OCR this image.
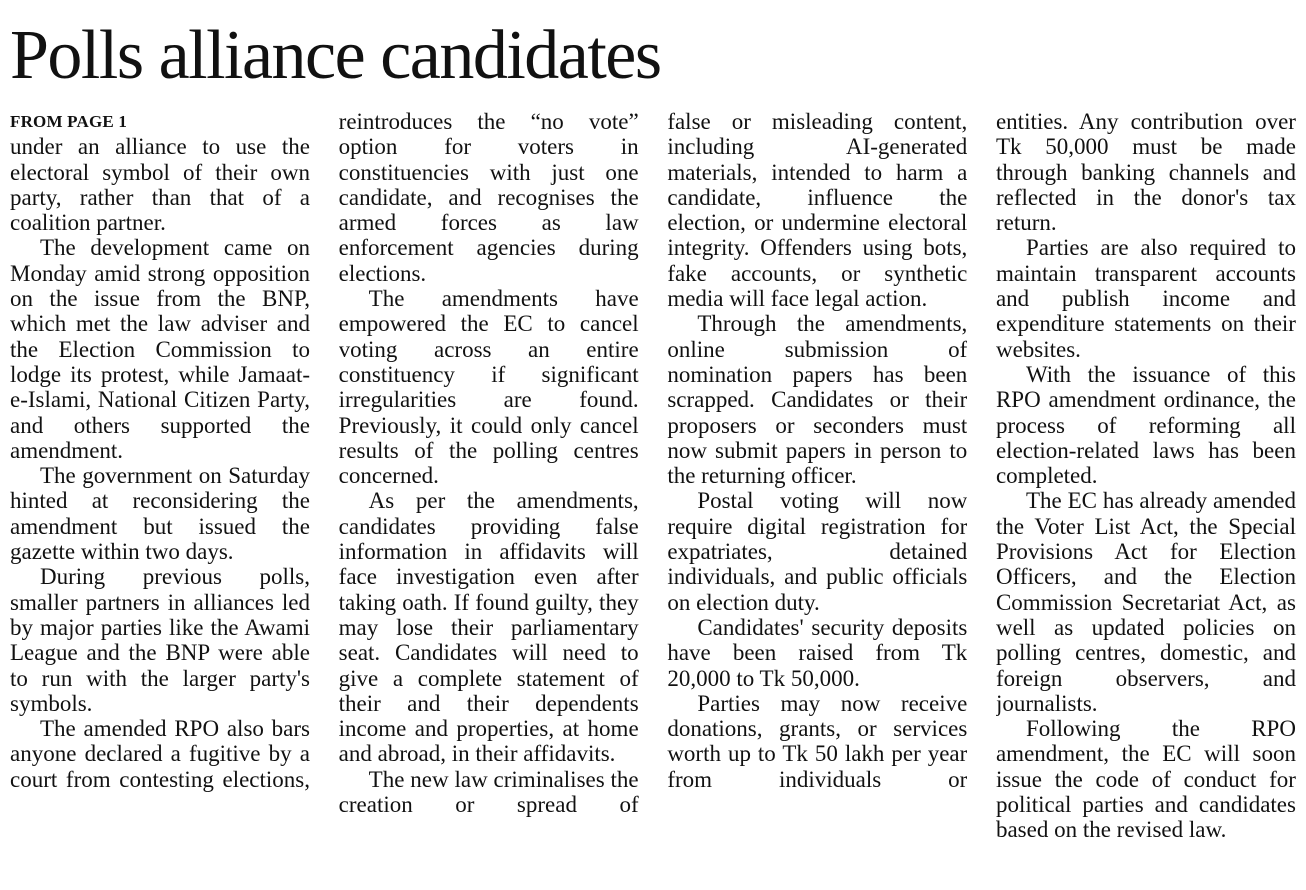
Polls alliance candidates
FROM PAGE 1

under an alliance to use the electoral symbol of their own party, rather than that of a coalition partner.

The development came on Monday amid strong opposition on the issue from the BNP, which met the law adviser and the Election Commission to lodge its protest, while Jamaat-e-Islami, National Citizen Party, and others supported the amendment.

The government on Saturday hinted at reconsidering the amendment but issued the gazette within two days.

During previous polls, smaller partners in alliances led by major parties like the Awami League and the BNP were able to run with the larger party's symbols.

The amended RPO also bars anyone declared a fugitive by a court from contesting elections,

reintroduces the “no vote” option for voters in constituencies with just one candidate, and recognises the armed forces as law enforcement agencies during elections.

The amendments have empowered the EC to cancel voting across an entire constituency if significant irregularities are found. Previously, it could only cancel results of the polling centres concerned.

As per the amendments, candidates providing false information in affidavits will face investigation even after taking oath. If found guilty, they may lose their parliamentary seat. Candidates will need to give a complete statement of their and their dependents income and properties, at home and abroad, in their affidavits.

The new law criminalises the creation or spread of

false or misleading content, including AI-generated materials, intended to harm a candidate, influence the election, or undermine electoral integrity. Offenders using bots, fake accounts, or synthetic media will face legal action.

Through the amendments, online submission of nomination papers has been scrapped. Candidates or their proposers or seconders must now submit papers in person to the returning officer.

Postal voting will now require digital registration for expatriates, detained individuals, and public officials on election duty.

Candidates' security deposits have been raised from Tk 20,000 to Tk 50,000.

Parties may now receive donations, grants, or services worth up to Tk 50 lakh per year from individuals or

entities. Any contribution over Tk 50,000 must be made through banking channels and reflected in the donor's tax return.

Parties are also required to maintain transparent accounts and publish income and expenditure statements on their websites.

With the issuance of this RPO amendment ordinance, the process of reforming all election-related laws has been completed.

The EC has already amended the Voter List Act, the Special Provisions Act for Election Officers, and the Election Commission Secretariat Act, as well as updated policies on polling centres, domestic, and foreign observers, and journalists.

Following the RPO amendment, the EC will soon issue the code of conduct for political parties and candidates based on the revised law.
